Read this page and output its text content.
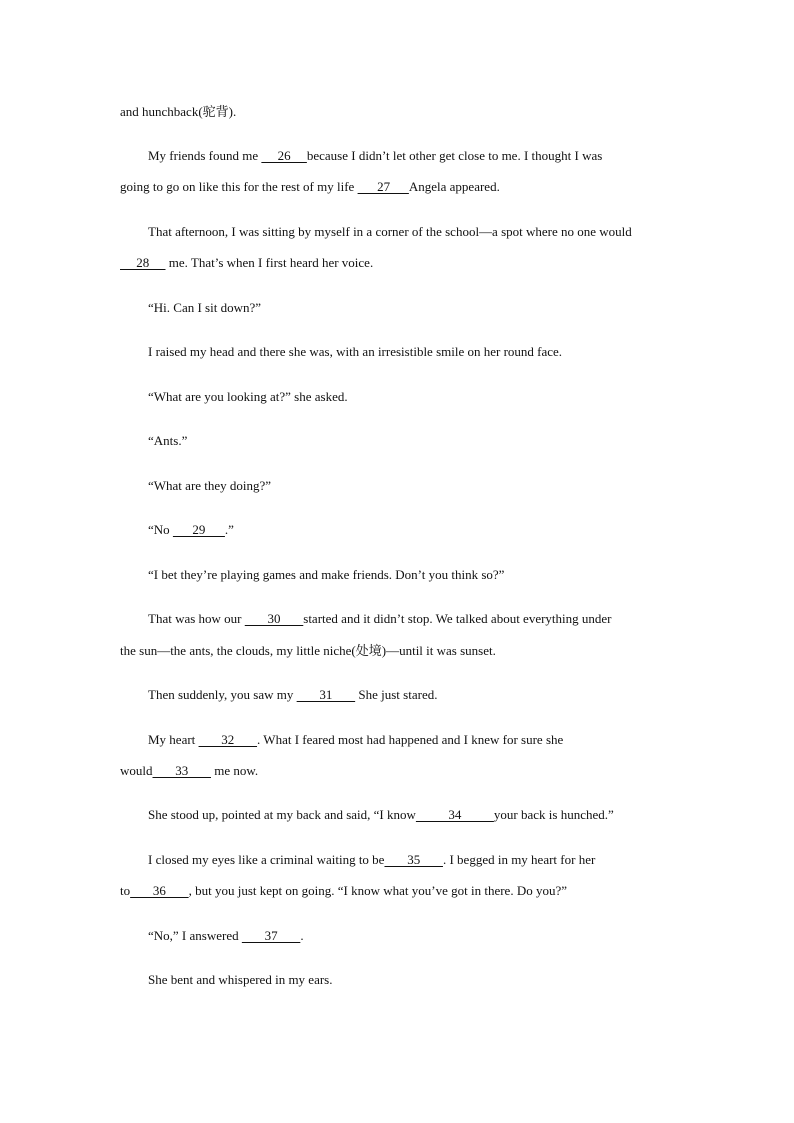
and hunchback(驼背).
My friends found me      26     because I didn’t let other get close to me. I thought I was
going to go on like this for the rest of my life       27      Angela appeared.
That afternoon, I was sitting by myself in a corner of the school—a spot where no one would
28      me. That’s when I first heard her voice.
“Hi. Can I sit down?”
I raised my head and there she was, with an irresistible smile on her round face.
“What are you looking at?” she asked.
“Ants.”
“What are they doing?”
“No       29      .”
“I bet they’re playing games and make friends. Don’t you think so?”
That was how our        30       started and it didn’t stop. We talked about everything under
the sun—the ants, the clouds, my little niche(处境)—until it was sunset.
Then suddenly, you saw my        31        She just stared.
My heart        32       . What I feared most had happened and I knew for sure she
would       33        me now.
She stood up, pointed at my back and said, “I know          34          your back is hunched.”
I closed my eyes like a criminal waiting to be       35       . I begged in my heart for her
to       36       , but you just kept on going. “I know what you’ve got in there. Do you?”
“No,” I answered        37       .
She bent and whispered in my ears.
